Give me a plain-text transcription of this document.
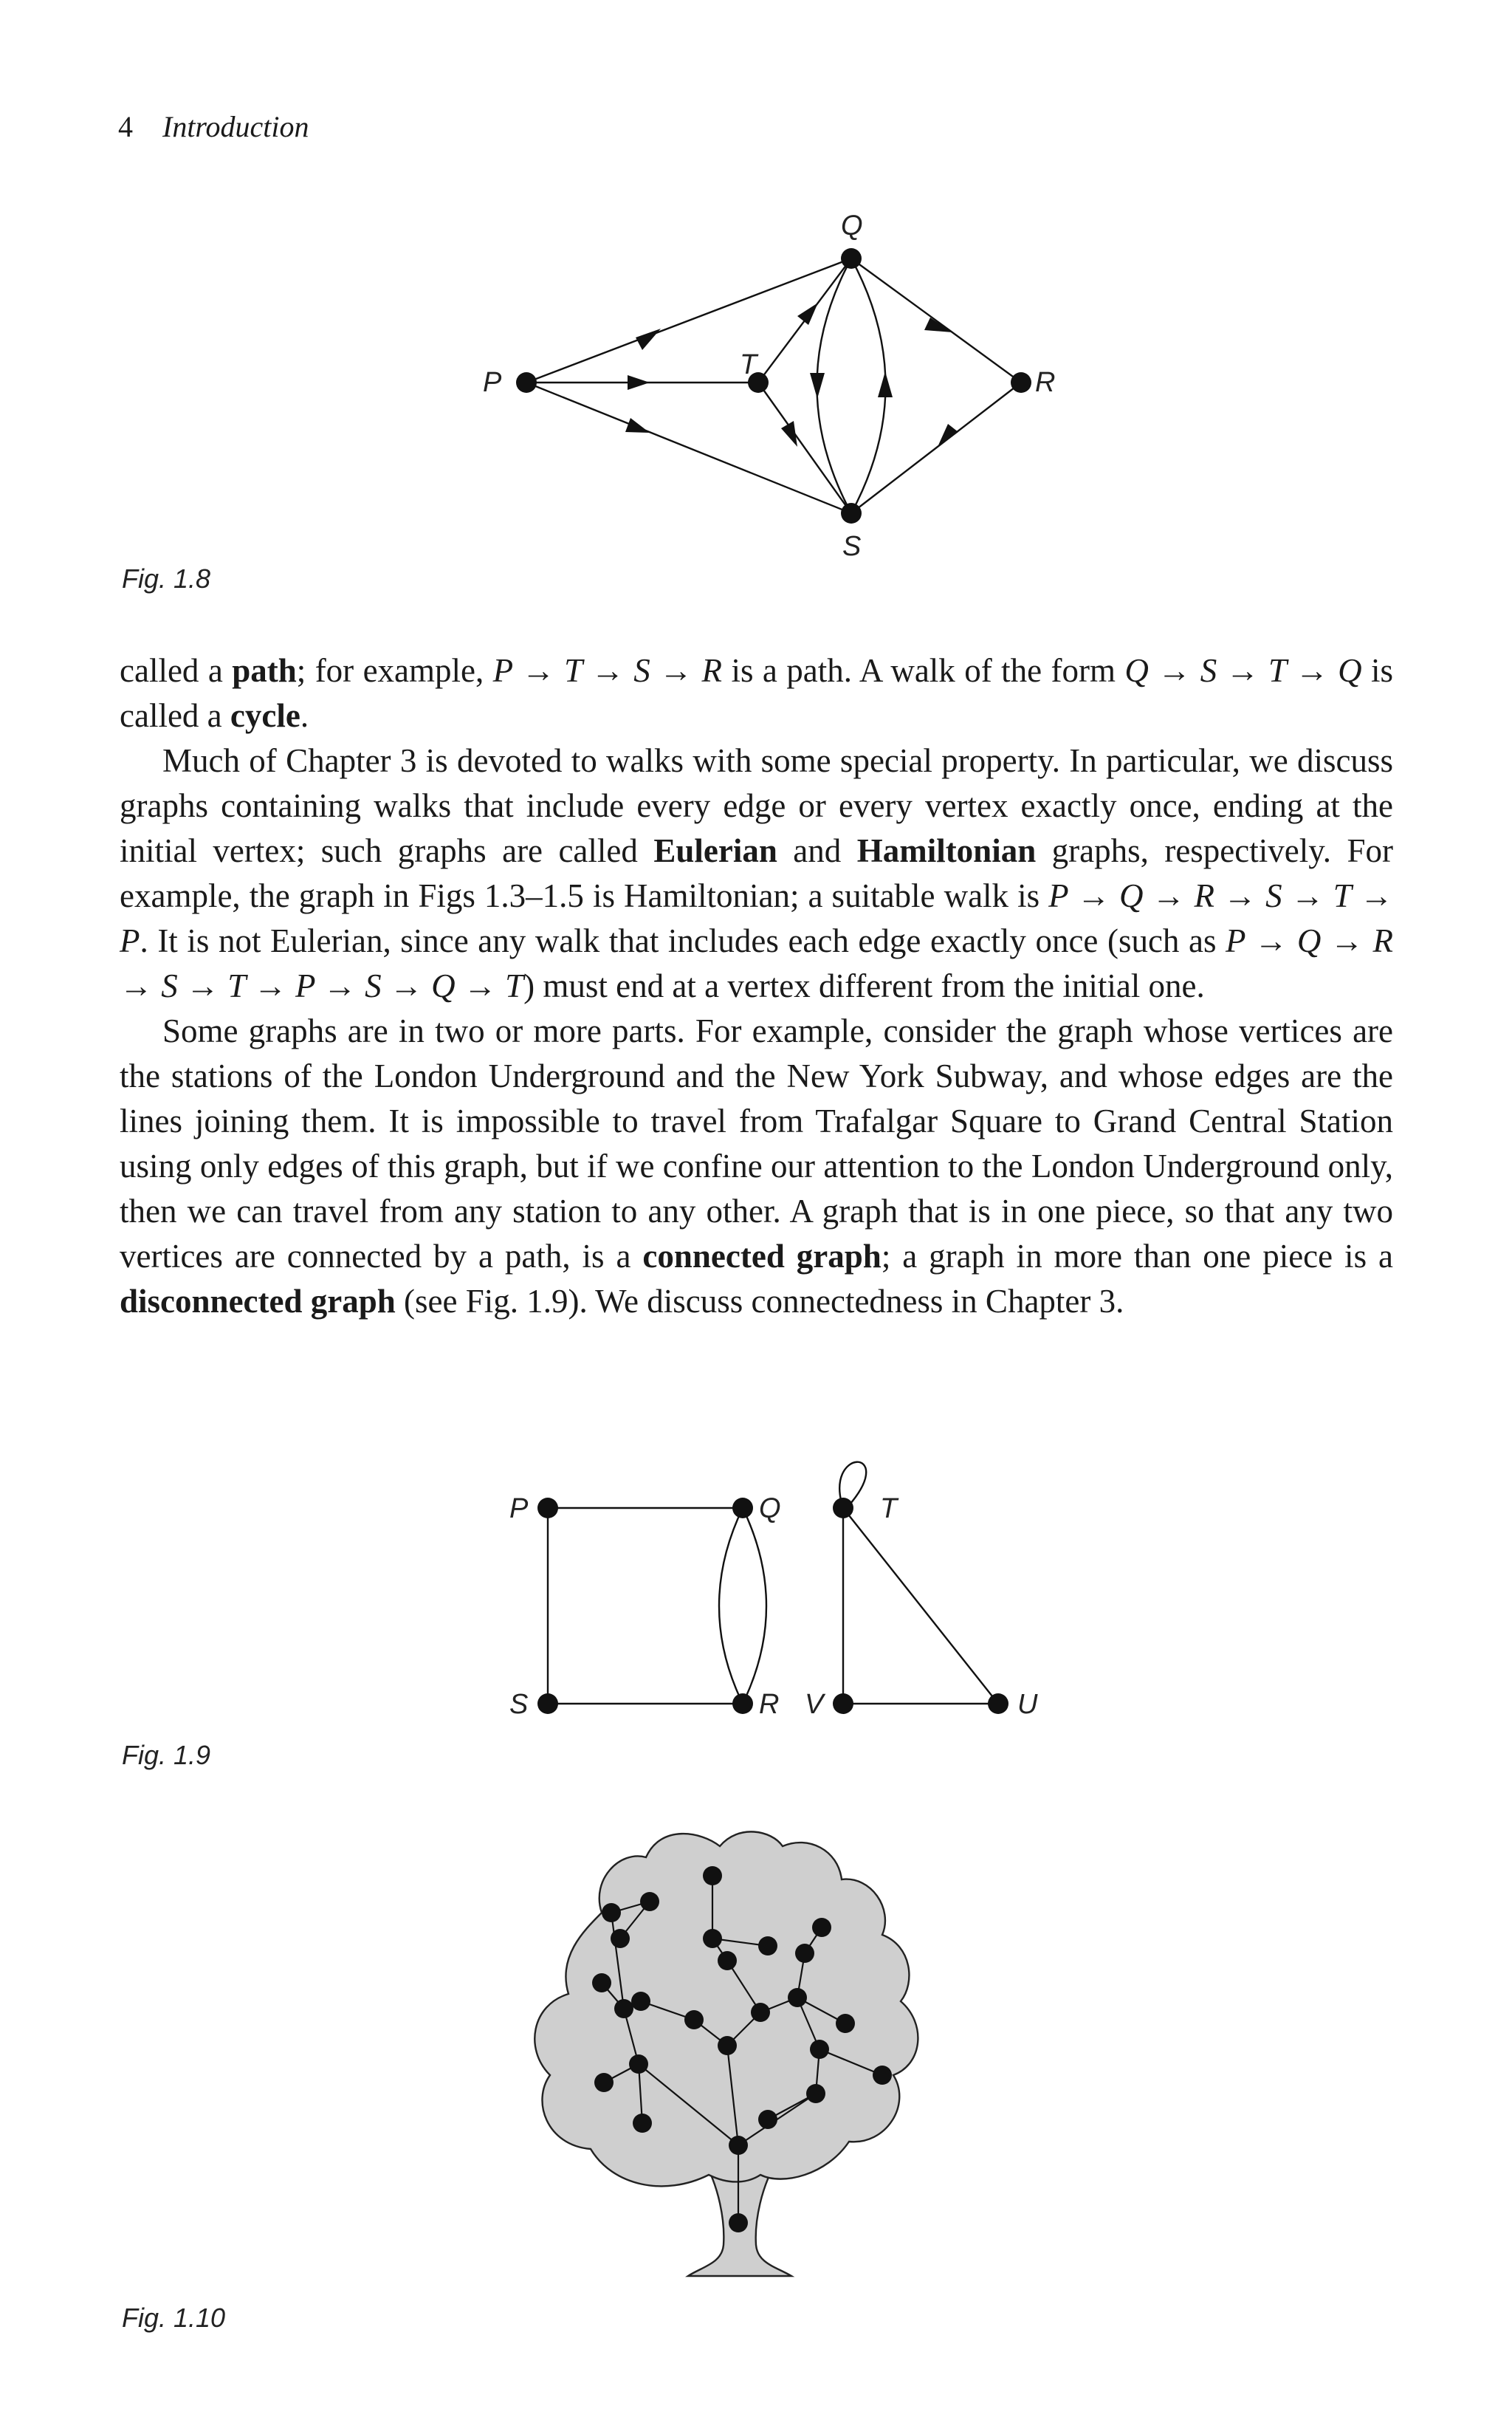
4 Introduction
P
T
Q
S
R
Fig. 1.8

called a path; for example, P → T → S → R is a path. A walk of the form Q → S → T → Q is called a cycle.

Much of Chapter 3 is devoted to walks with some special property. In particular, we discuss graphs containing walks that include every edge or every vertex exactly once, ending at the initial vertex; such graphs are called Eulerian and Hamiltonian graphs, respectively. For example, the graph in Figs 1.3–1.5 is Hamiltonian; a suitable walk is P → Q → R → S → T → P. It is not Eulerian, since any walk that includes each edge exactly once (such as P → Q → R → S → T → P → S → Q → T) must end at a vertex different from the initial one.

Some graphs are in two or more parts. For example, consider the graph whose vertices are the stations of the London Underground and the New York Subway, and whose edges are the lines joining them. It is impossible to travel from Trafalgar Square to Grand Central Station using only edges of this graph, but if we confine our attention to the London Underground only, then we can travel from any station to any other. A graph that is in one piece, so that any two vertices are connected by a path, is a connected graph; a graph in more than one piece is a disconnected graph (see Fig. 1.9). We discuss connectedness in Chapter 3.

P	Q
S	R
T
V	U
Fig. 1.9
Fig. 1.10
